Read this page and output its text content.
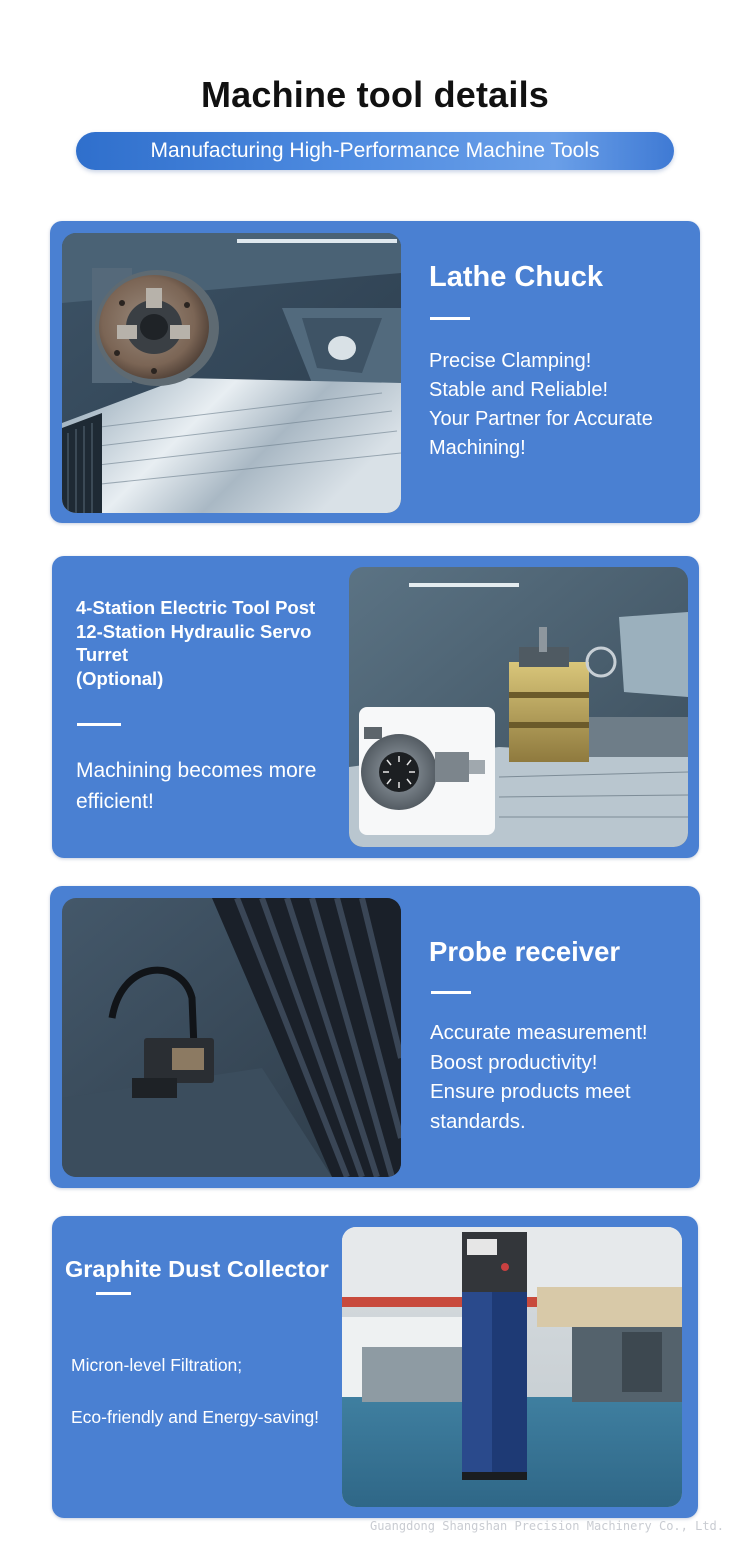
Machine tool details
Manufacturing High-Performance Machine Tools
Lathe Chuck
Precise Clamping!
Stable and Reliable!
Your Partner for Accurate
Machining!
4-Station Electric Tool Post
12-Station Hydraulic Servo
Turret
(Optional)
Machining becomes more
efficient!
Probe receiver
Accurate measurement!
Boost productivity!
Ensure products meet
standards.
Graphite Dust Collector
Micron-level Filtration;
Eco-friendly and Energy-saving!
Guangdong Shangshan Precision Machinery Co., Ltd.
